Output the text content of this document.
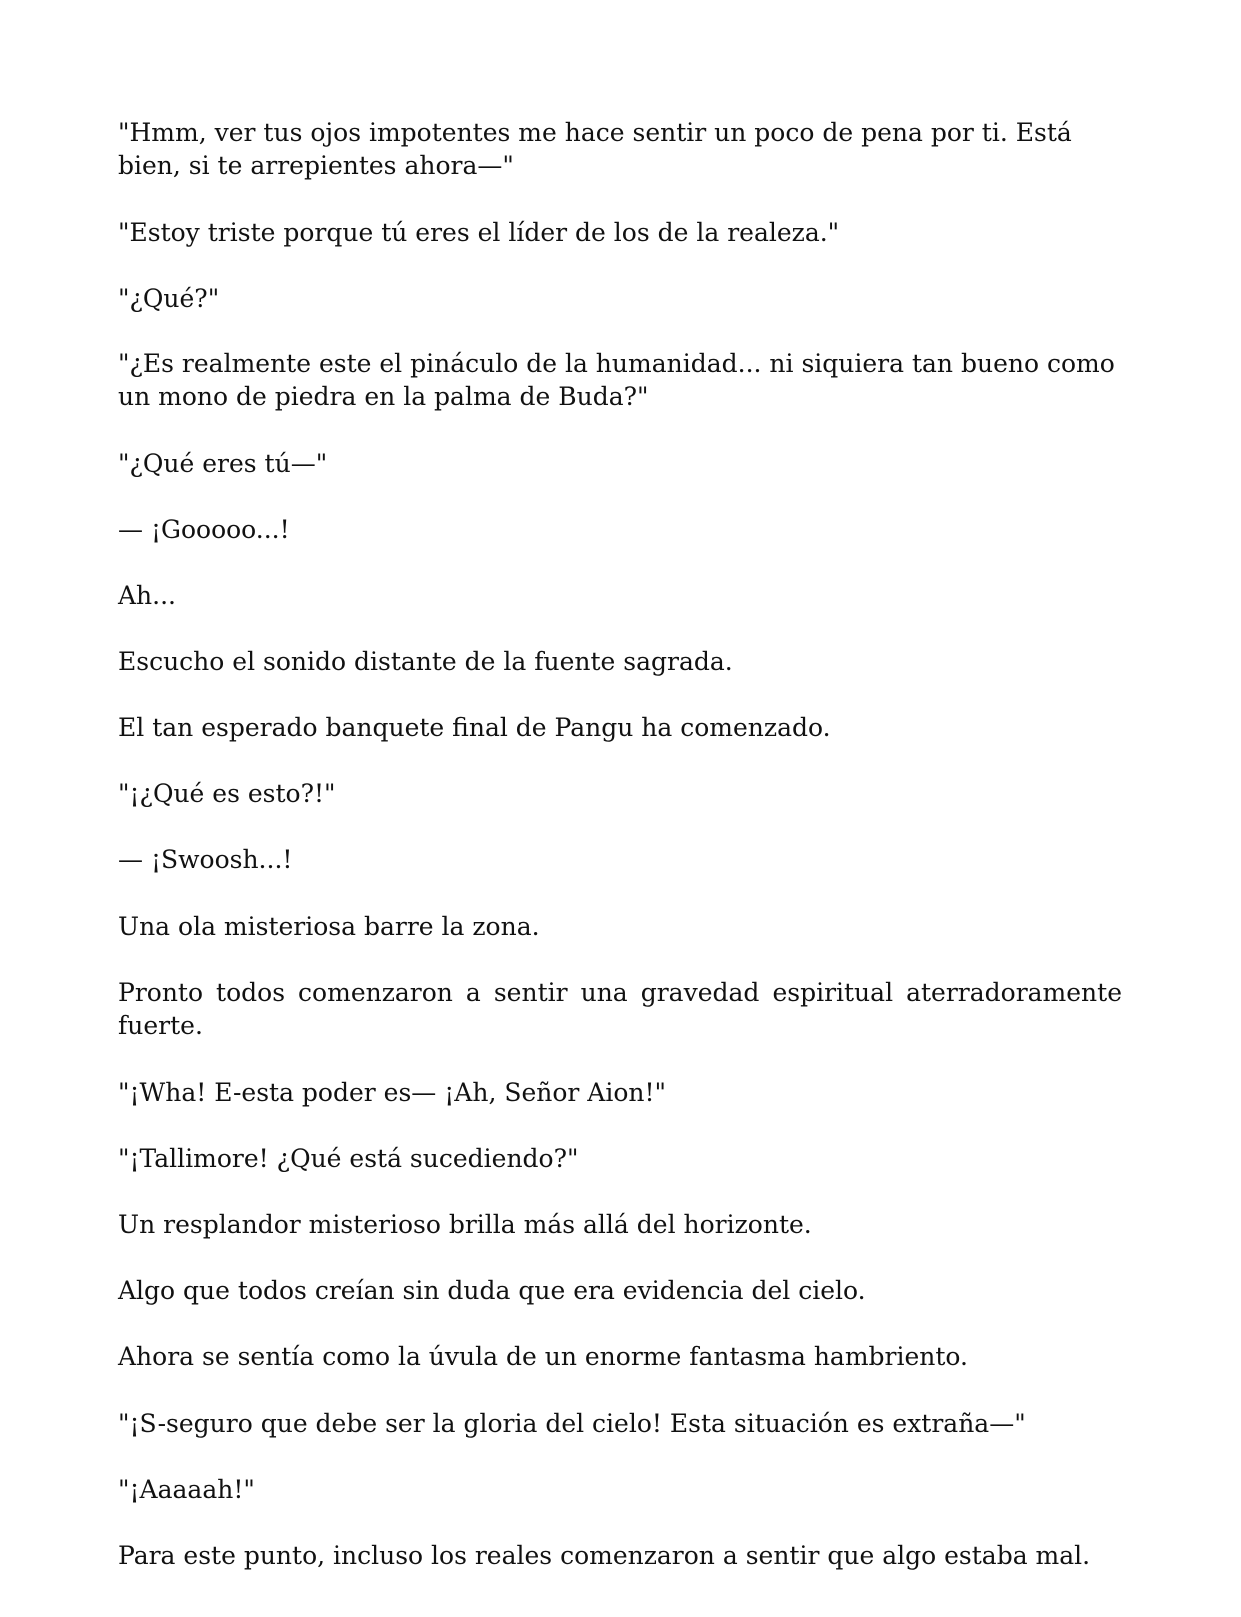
"Hmm, ver tus ojos impotentes me hace sentir un poco de pena por ti. Está bien, si te arrepientes ahora—"

"Estoy triste porque tú eres el líder de los de la realeza."

"¿Qué?"

"¿Es realmente este el pináculo de la humanidad... ni siquiera tan bueno como un mono de piedra en la palma de Buda?"

"¿Qué eres tú—"

— ¡Gooooo...!

Ah...

Escucho el sonido distante de la fuente sagrada.

El tan esperado banquete final de Pangu ha comenzado.

"¡¿Qué es esto?!"

— ¡Swoosh...!

Una ola misteriosa barre la zona.

Pronto todos comenzaron a sentir una gravedad espiritual aterradoramente fuerte.

"¡Wha! E-esta poder es— ¡Ah, Señor Aion!"

"¡Tallimore! ¿Qué está sucediendo?"

Un resplandor misterioso brilla más allá del horizonte.

Algo que todos creían sin duda que era evidencia del cielo.

Ahora se sentía como la úvula de un enorme fantasma hambriento.

"¡S-seguro que debe ser la gloria del cielo! Esta situación es extraña—"

"¡Aaaaah!"

Para este punto, incluso los reales comenzaron a sentir que algo estaba mal.
